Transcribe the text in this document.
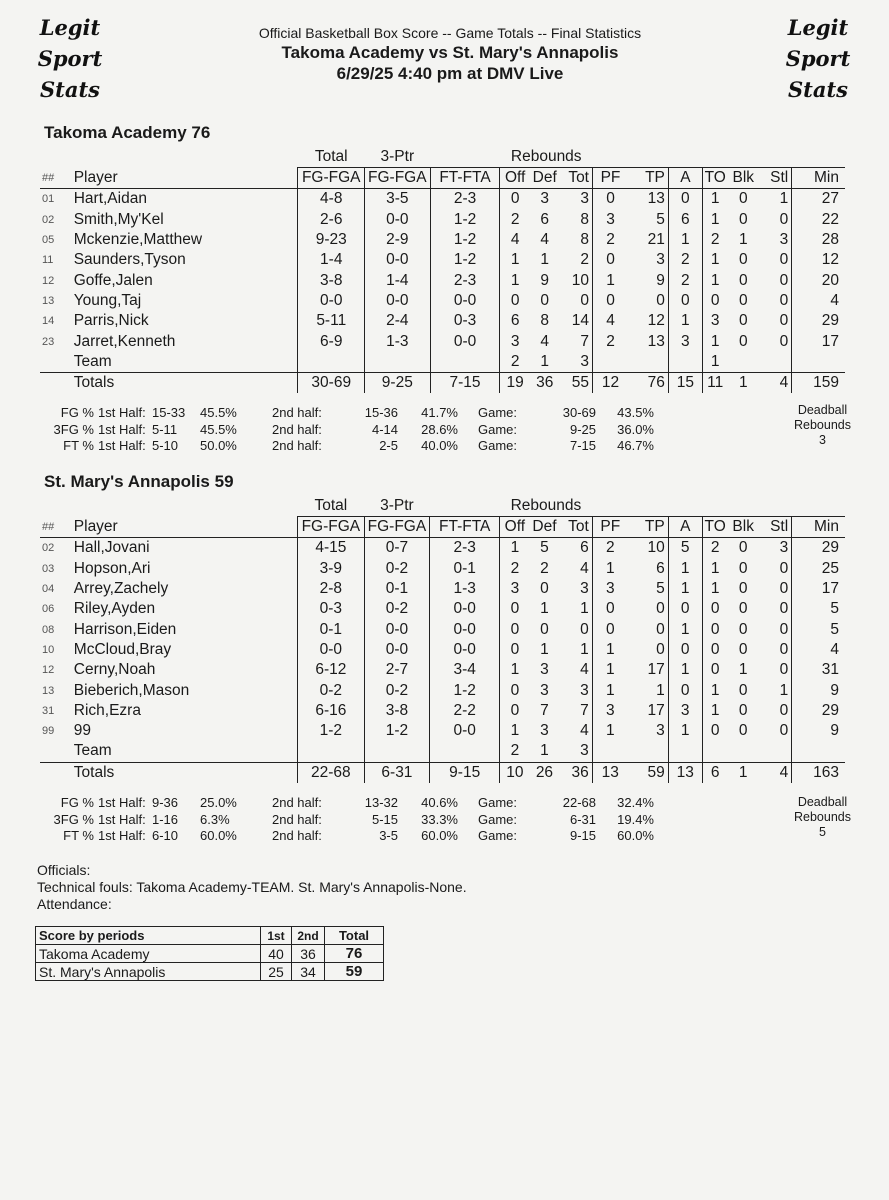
Legit
Sport
Stats
Legit
Sport
Stats
Official Basketball Box Score -- Game Totals -- Final Statistics
Takoma Academy vs St. Mary's Annapolis
6/29/25 4:40 pm at DMV Live
Takoma Academy 76
		Total	3-Ptr		Rebounds									
##	Player	FG-FGA	FG-FGA	FT-FTA	Off	Def	Tot	PF	TP	A	TO	Blk	Stl	Min
01	Hart,Aidan	4-8	3-5	2-3	0	3	3	0	13	0	1	0	1	27
02	Smith,My'Kel	2-6	0-0	1-2	2	6	8	3	5	6	1	0	0	22
05	Mckenzie,Matthew	9-23	2-9	1-2	4	4	8	2	21	1	2	1	3	28
11	Saunders,Tyson	1-4	0-0	1-2	1	1	2	0	3	2	1	0	0	12
12	Goffe,Jalen	3-8	1-4	2-3	1	9	10	1	9	2	1	0	0	20
13	Young,Taj	0-0	0-0	0-0	0	0	0	0	0	0	0	0	0	4
14	Parris,Nick	5-11	2-4	0-3	6	8	14	4	12	1	3	0	0	29
23	Jarret,Kenneth	6-9	1-3	0-0	3	4	7	2	13	3	1	0	0	17
	Team				2	1	3				1			
	Totals	30-69	9-25	7-15	19	36	55	12	76	15	11	1	4	159
FG % 1st Half: 15-33	45.5%	2nd half:	15-36	41.7%	Game:	30-69	43.5%
3FG % 1st Half: 5-11	45.5%	2nd half:	4-14	28.6%	Game:	9-25	36.0%
FT % 1st Half: 5-10	50.0%	2nd half:	2-5	40.0%	Game:	7-15	46.7%
Deadball
Rebounds
3
St. Mary's Annapolis 59
		Total	3-Ptr		Rebounds									
##	Player	FG-FGA	FG-FGA	FT-FTA	Off	Def	Tot	PF	TP	A	TO	Blk	Stl	Min
02	Hall,Jovani	4-15	0-7	2-3	1	5	6	2	10	5	2	0	3	29
03	Hopson,Ari	3-9	0-2	0-1	2	2	4	1	6	1	1	0	0	25
04	Arrey,Zachely	2-8	0-1	1-3	3	0	3	3	5	1	1	0	0	17
06	Riley,Ayden	0-3	0-2	0-0	0	1	1	0	0	0	0	0	0	5
08	Harrison,Eiden	0-1	0-0	0-0	0	0	0	0	0	1	0	0	0	5
10	McCloud,Bray	0-0	0-0	0-0	0	1	1	1	0	0	0	0	0	4
12	Cerny,Noah	6-12	2-7	3-4	1	3	4	1	17	1	0	1	0	31
13	Bieberich,Mason	0-2	0-2	1-2	0	3	3	1	1	0	1	0	1	9
31	Rich,Ezra	6-16	3-8	2-2	0	7	7	3	17	3	1	0	0	29
99	99	1-2	1-2	0-0	1	3	4	1	3	1	0	0	0	9
	Team				2	1	3							
	Totals	22-68	6-31	9-15	10	26	36	13	59	13	6	1	4	163
FG % 1st Half: 9-36	25.0%	2nd half:	13-32	40.6%	Game:	22-68	32.4%
3FG % 1st Half: 1-16	6.3%	2nd half:	5-15	33.3%	Game:	6-31	19.4%
FT % 1st Half: 6-10	60.0%	2nd half:	3-5	60.0%	Game:	9-15	60.0%
Deadball
Rebounds
5
Officials:
Technical fouls: Takoma Academy-TEAM. St. Mary's Annapolis-None.
Attendance:
Score by periods	1st	2nd	Total
Takoma Academy	40	36	76
St. Mary's Annapolis	25	34	59
